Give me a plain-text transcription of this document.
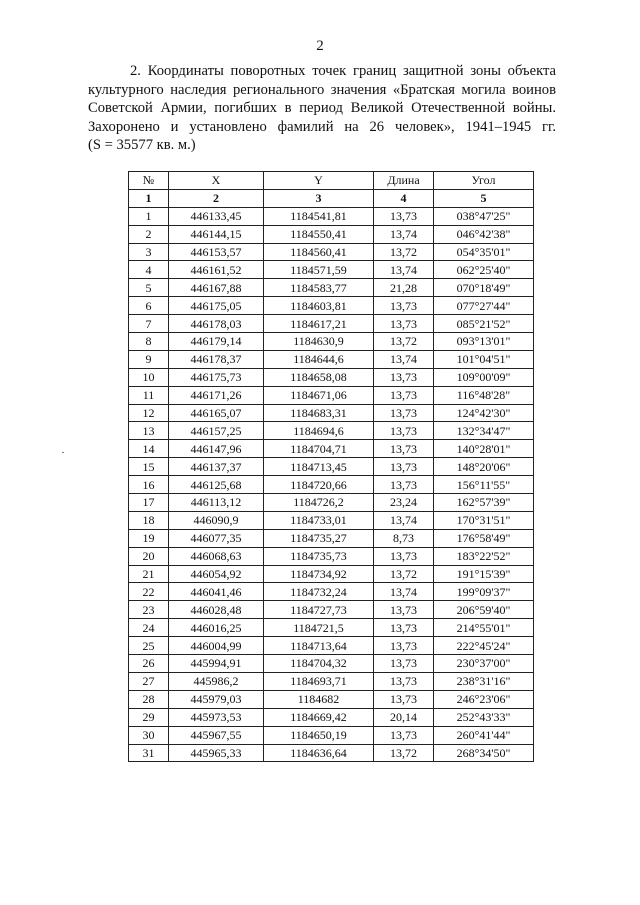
2
2. Координаты поворотных точек границ защитной зоны объекта
культурного наследия регионального значения «Братская могила воинов
Советской Армии, погибших в период Великой Отечественной войны.
Захоронено и установлено фамилий на 26 человек», 1941–1945 гг.
(S = 35577 кв. м.)
№	X	Y	Длина	Угол
1	2	3	4	5
1	446133,45	1184541,81	13,73	038°47'25"
2	446144,15	1184550,41	13,74	046°42'38"
3	446153,57	1184560,41	13,72	054°35'01"
4	446161,52	1184571,59	13,74	062°25'40"
5	446167,88	1184583,77	21,28	070°18'49"
6	446175,05	1184603,81	13,73	077°27'44"
7	446178,03	1184617,21	13,73	085°21'52"
8	446179,14	1184630,9	13,72	093°13'01"
9	446178,37	1184644,6	13,74	101°04'51"
10	446175,73	1184658,08	13,73	109°00'09"
11	446171,26	1184671,06	13,73	116°48'28"
12	446165,07	1184683,31	13,73	124°42'30"
13	446157,25	1184694,6	13,73	132°34'47"
14	446147,96	1184704,71	13,73	140°28'01"
15	446137,37	1184713,45	13,73	148°20'06"
16	446125,68	1184720,66	13,73	156°11'55"
17	446113,12	1184726,2	23,24	162°57'39"
18	446090,9	1184733,01	13,74	170°31'51"
19	446077,35	1184735,27	8,73	176°58'49"
20	446068,63	1184735,73	13,73	183°22'52"
21	446054,92	1184734,92	13,72	191°15'39"
22	446041,46	1184732,24	13,74	199°09'37"
23	446028,48	1184727,73	13,73	206°59'40"
24	446016,25	1184721,5	13,73	214°55'01"
25	446004,99	1184713,64	13,73	222°45'24"
26	445994,91	1184704,32	13,73	230°37'00"
27	445986,2	1184693,71	13,73	238°31'16"
28	445979,03	1184682	13,73	246°23'06"
29	445973,53	1184669,42	20,14	252°43'33"
30	445967,55	1184650,19	13,73	260°41'44"
31	445965,33	1184636,64	13,72	268°34'50"
